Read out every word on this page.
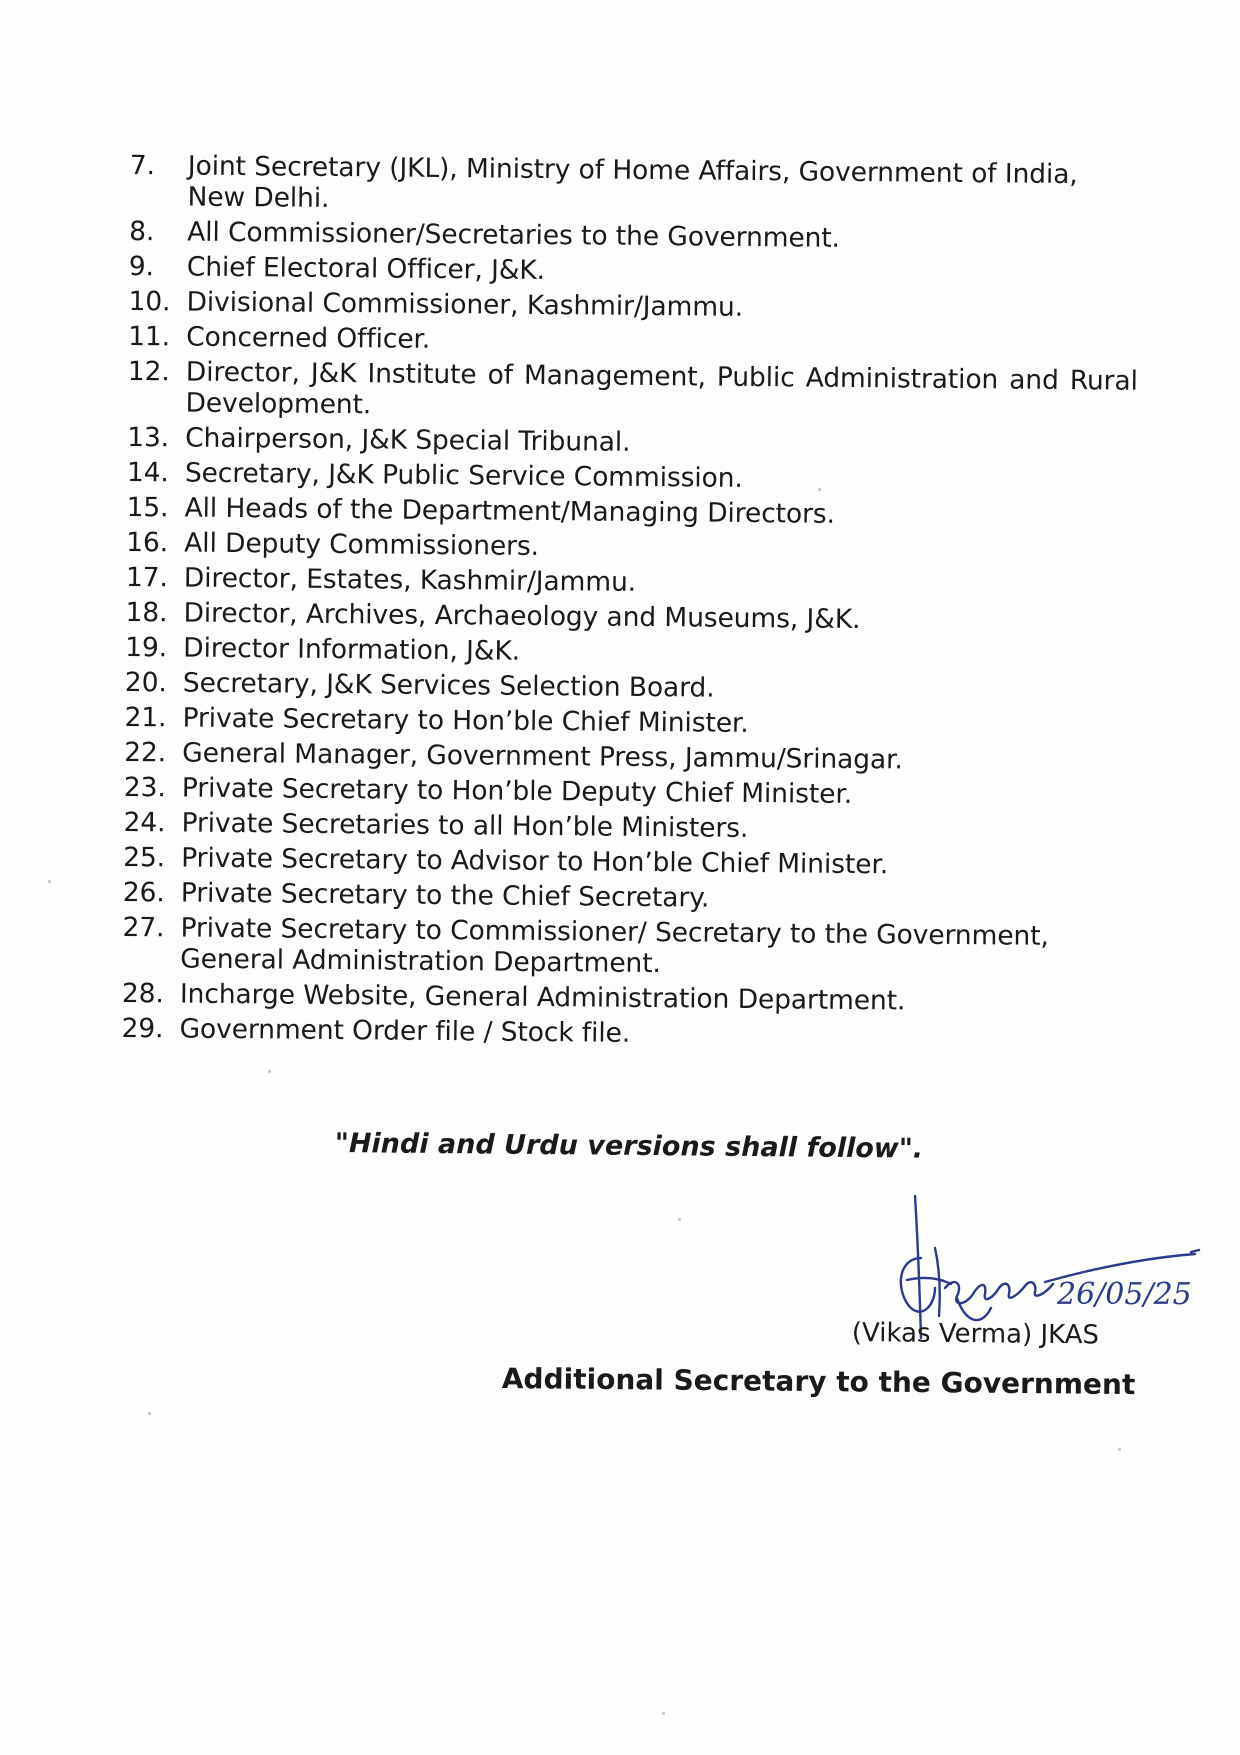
7.	Joint Secretary (JKL), Ministry of Home Affairs, Government of India, New Delhi.
8.	All Commissioner/Secretaries to the Government.
9.	Chief Electoral Officer, J&K.
10. Divisional Commissioner, Kashmir/Jammu.
11. Concerned Officer.
12. Director, J&K Institute of Management, Public Administration and Rural Development.
13. Chairperson, J&K Special Tribunal.
14. Secretary, J&K Public Service Commission.
15. All Heads of the Department/Managing Directors.
16. All Deputy Commissioners.
17. Director, Estates, Kashmir/Jammu.
18. Director, Archives, Archaeology and Museums, J&K.
19. Director Information, J&K.
20. Secretary, J&K Services Selection Board.
21. Private Secretary to Hon’ble Chief Minister.
22. General Manager, Government Press, Jammu/Srinagar.
23. Private Secretary to Hon’ble Deputy Chief Minister.
24. Private Secretaries to all Hon’ble Ministers.
25. Private Secretary to Advisor to Hon’ble Chief Minister.
26. Private Secretary to the Chief Secretary.
27. Private Secretary to Commissioner/ Secretary to the Government, General Administration Department.
28. Incharge Website, General Administration Department.
29. Government Order file / Stock file.
"Hindi and Urdu versions shall follow".
26/05/25
(Vikas Verma) JKAS
Additional Secretary to the Government
